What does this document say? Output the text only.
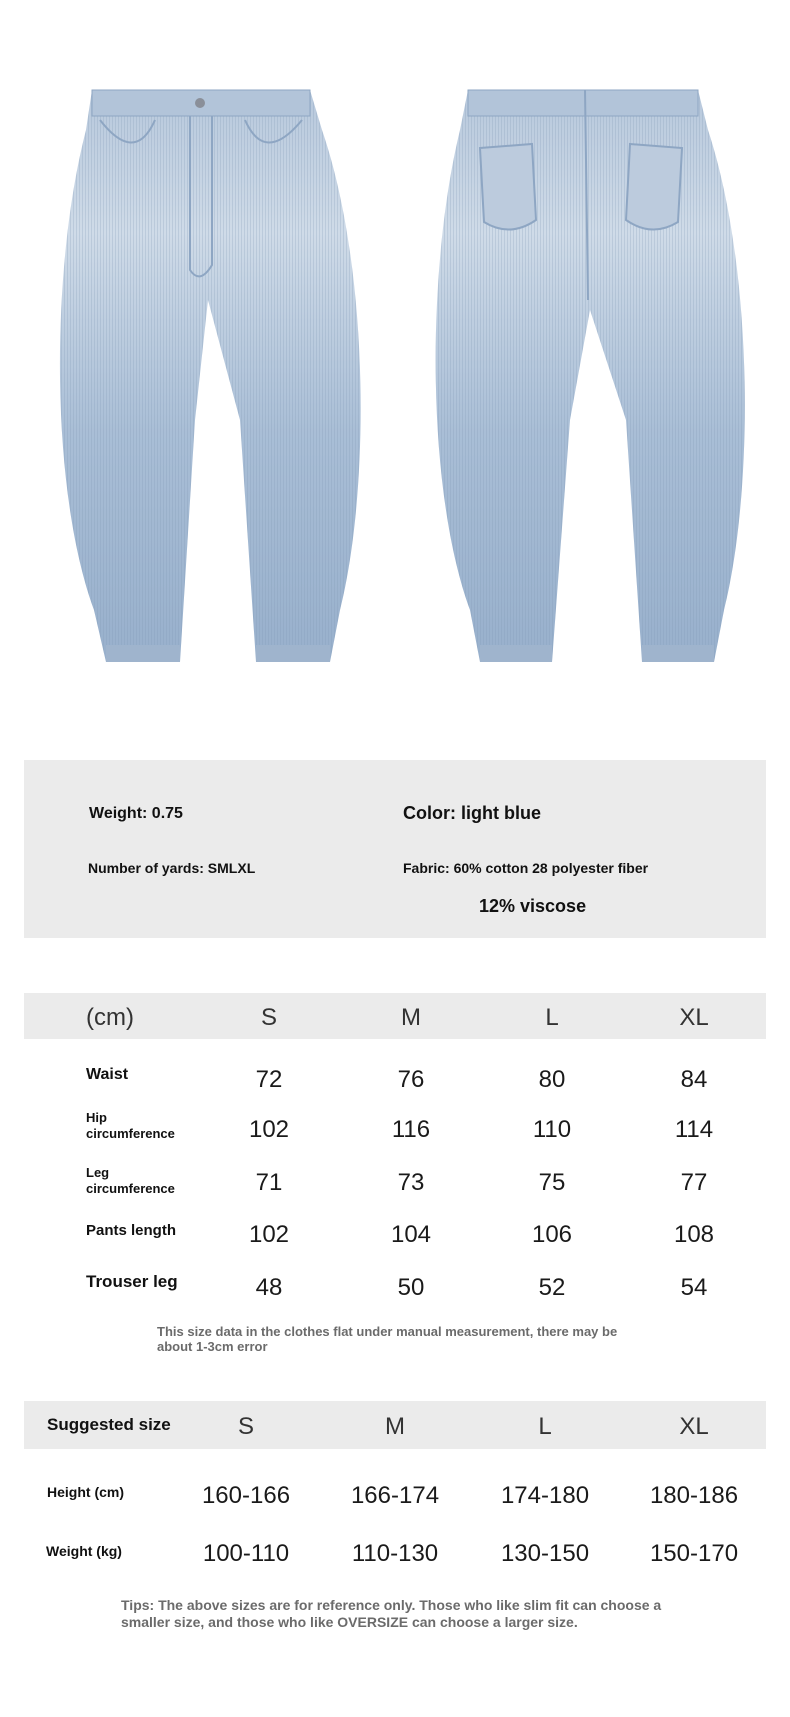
Weight: 0.75	Color: light blue
Number of yards: SMLXL	Fabric: 60% cotton 28 polyester fiber
12% viscose
(cm)	S	M	L	XL
Waist	72	76	80	84
Hip
circumference	102	116	110	114
Leg
circumference	71	73	75	77
Pants length	102	104	106	108
Trouser leg	48	50	52	54
This size data in the clothes flat under manual measurement, there may be about 1-3cm error
Suggested size	S	M	L	XL
Height (cm)	160-166	166-174	174-180	180-186
Weight (kg)	100-110	110-130	130-150	150-170
Tips: The above sizes are for reference only. Those who like slim fit can choose a smaller size, and those who like OVERSIZE can choose a larger size.
